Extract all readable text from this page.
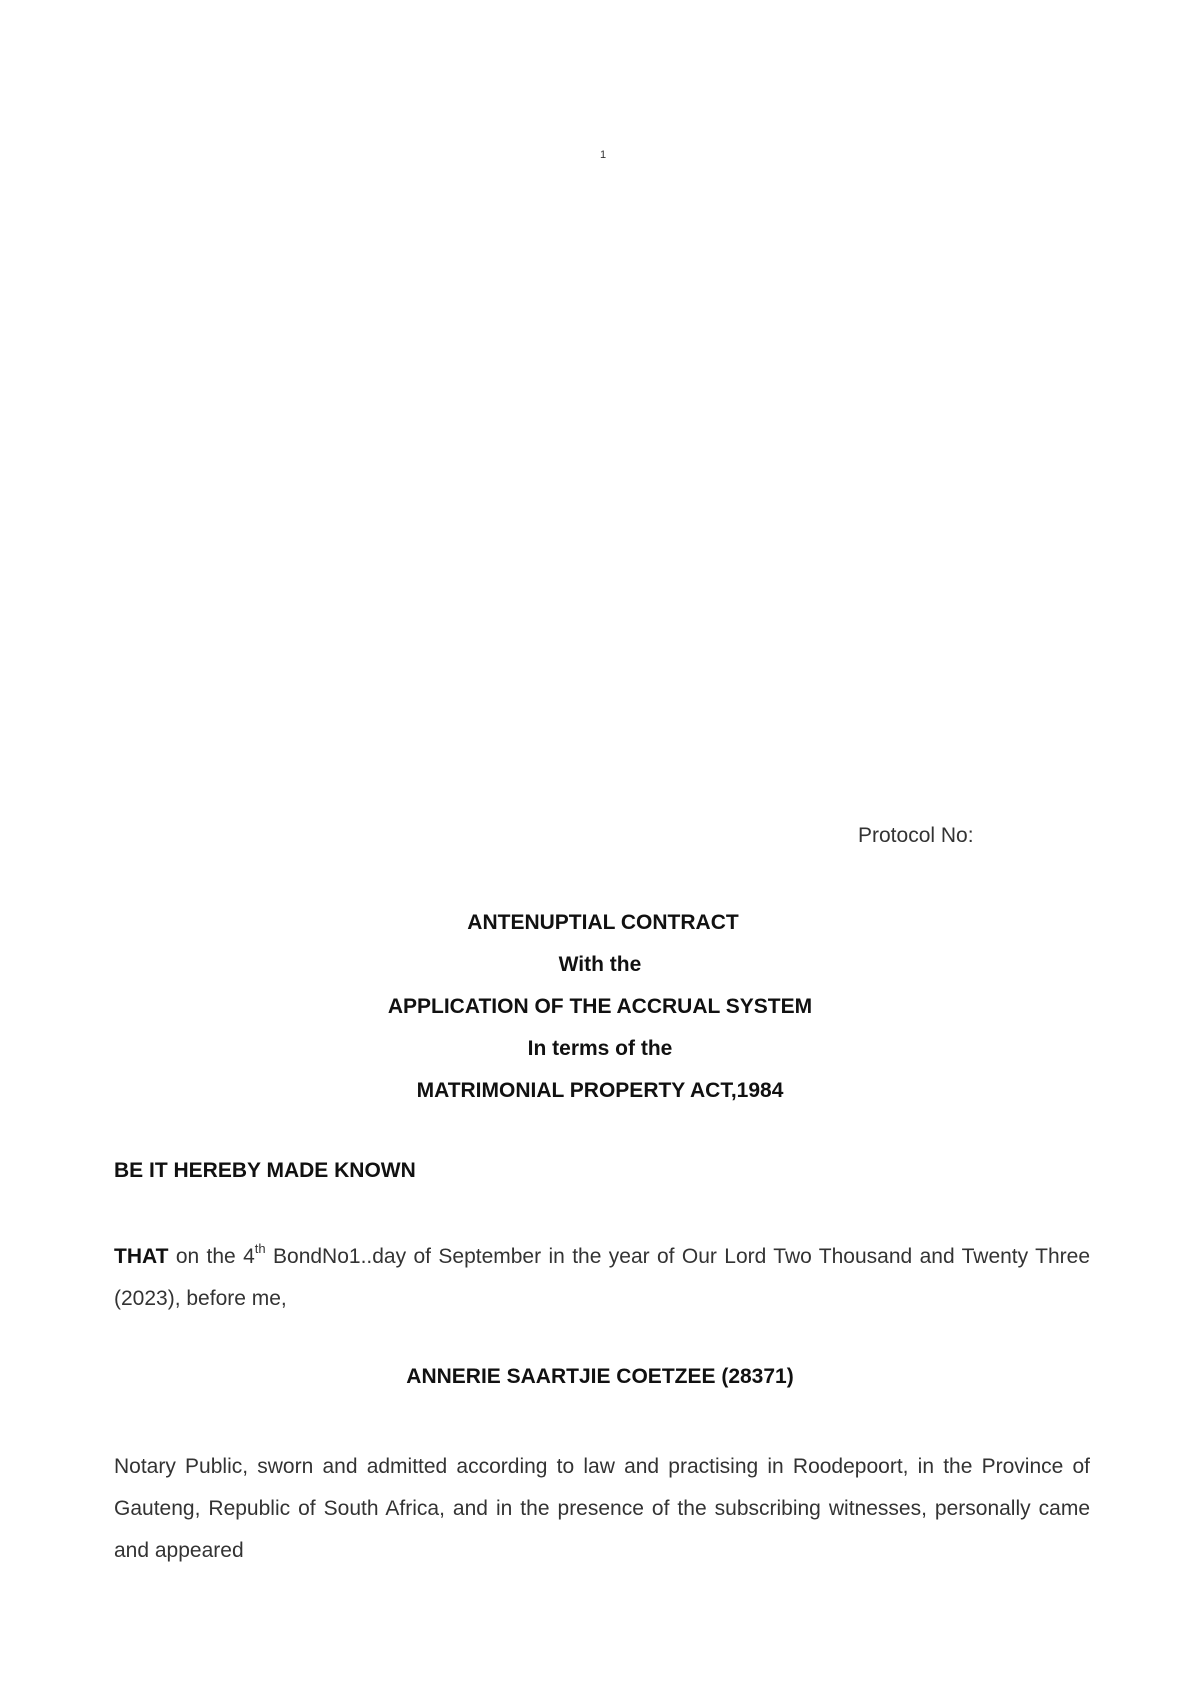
1
Protocol No:

ANTENUPTIAL CONTRACT

With the

APPLICATION OF THE ACCRUAL SYSTEM

In terms of the

MATRIMONIAL PROPERTY ACT,1984

BE IT HEREBY MADE KNOWN

THAT on the 4th BondNo1..day of September in the year of Our Lord Two Thousand and Twenty Three (2023), before me,

ANNERIE SAARTJIE COETZEE (28371)

Notary Public, sworn and admitted according to law and practising in Roodepoort, in the Province of Gauteng, Republic of South Africa, and in the presence of the subscribing witnesses, personally came and appeared
